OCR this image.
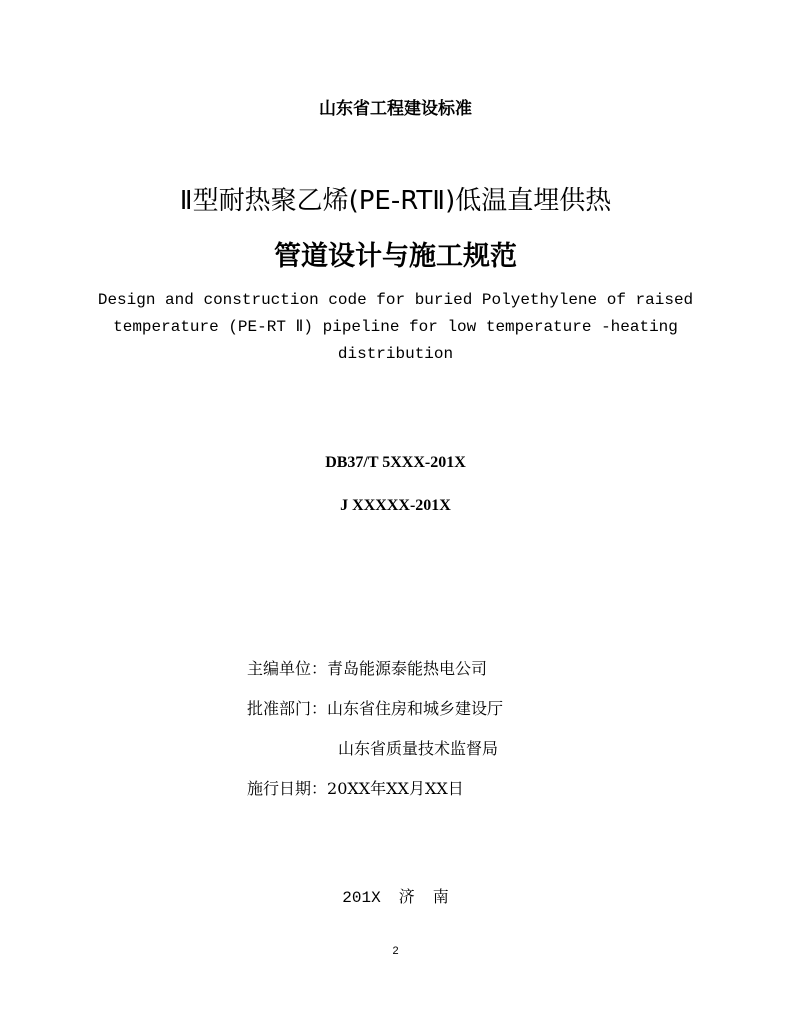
山东省工程建设标准
Ⅱ型耐热聚乙烯(PE-RTⅡ)低温直埋供热
管道设计与施工规范
Design and construction code for buried Polyethylene of raised
temperature (PE-RT Ⅱ) pipeline for low temperature -heating
distribution
DB37/T 5XXX-201X
J XXXXX-201X
主编单位：青岛能源泰能热电公司
批准部门：山东省住房和城乡建设厅
山东省质量技术监督局
施行日期：20XX年XX月XX日
201X 济 南
2
